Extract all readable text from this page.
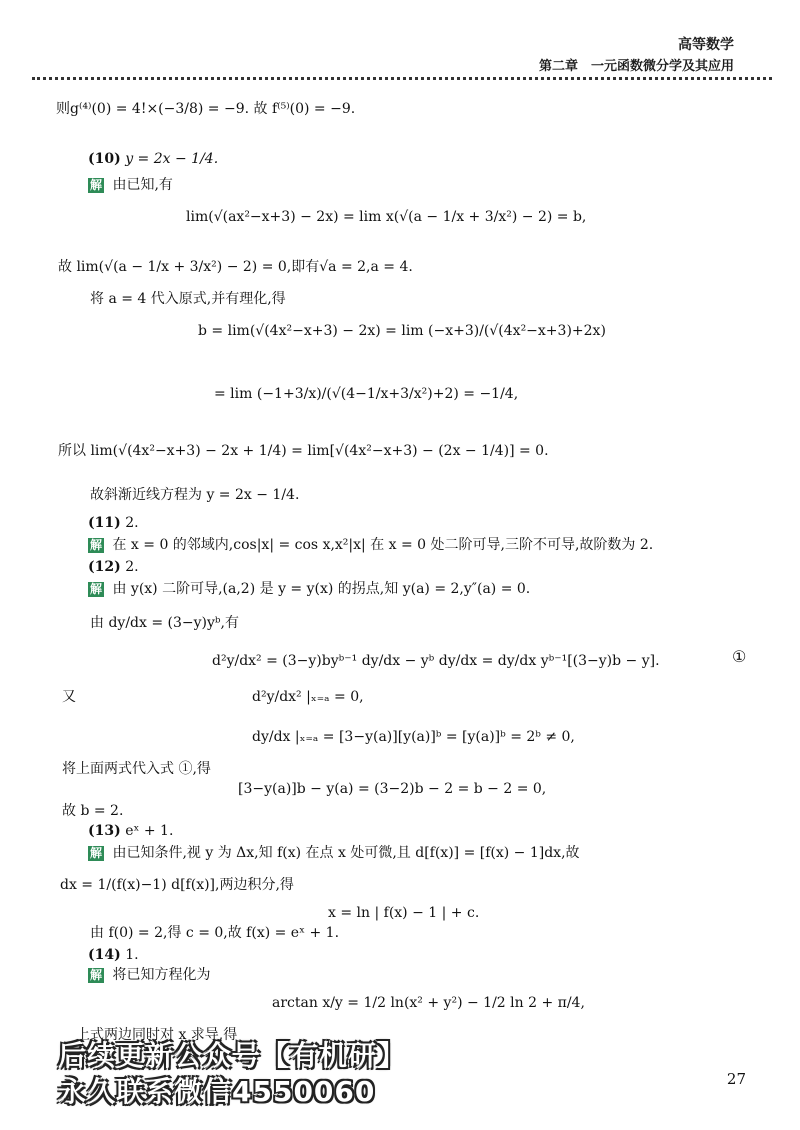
高等数学
第二章　一元函数微分学及其应用
则g⁽⁴⁾(0) = 4!×(−3/8) = −9. 故 f⁽⁵⁾(0) = −9.
(10) y = 2x − 1/4.
解 由已知,有
lim(√(ax²−x+3) − 2x) = lim x(√(a − 1/x + 3/x²) − 2) = b,
故 lim(√(a − 1/x + 3/x²) − 2) = 0,即有√a = 2,a = 4.
将 a = 4 代入原式,并有理化,得
b = lim(√(4x²−x+3) − 2x) = lim (−x+3)/(√(4x²−x+3)+2x)
= lim (−1+3/x)/(√(4−1/x+3/x²)+2) = −1/4,
所以 lim(√(4x²−x+3) − 2x + 1/4) = lim[√(4x²−x+3) − (2x − 1/4)] = 0.
故斜渐近线方程为 y = 2x − 1/4.
(11) 2.
解 在 x = 0 的邻域内,cos|x| = cos x,x²|x| 在 x = 0 处二阶可导,三阶不可导,故阶数为 2.
(12) 2.
解 由 y(x) 二阶可导,(a,2) 是 y = y(x) 的拐点,知 y(a) = 2,y″(a) = 0.
由 dy/dx = (3−y)yᵇ,有
d²y/dx² = (3−y)byᵇ⁻¹ dy/dx − yᵇ dy/dx = dy/dx yᵇ⁻¹[(3−y)b − y].	①
又	d²y/dx² |ₓ₌ₐ = 0,
dy/dx |ₓ₌ₐ = [3−y(a)][y(a)]ᵇ = [y(a)]ᵇ = 2ᵇ ≠ 0,
将上面两式代入式 ①,得
[3−y(a)]b − y(a) = (3−2)b − 2 = b − 2 = 0,
故 b = 2.
(13) eˣ + 1.
解 由已知条件,视 y 为 Δx,知 f(x) 在点 x 处可微,且 d[f(x)] = [f(x) − 1]dx,故
dx = 1/(f(x)−1) d[f(x)],两边积分,得
x = ln | f(x) − 1 | + c.
由 f(0) = 2,得 c = 0,故 f(x) = eˣ + 1.
(14) 1.
解 将已知方程化为
arctan x/y = 1/2 ln(x² + y²) − 1/2 ln 2 + π/4,
上式两边同时对 x 求导,得
后续更新公众号【有机研】
永久联系微信4550060	27
